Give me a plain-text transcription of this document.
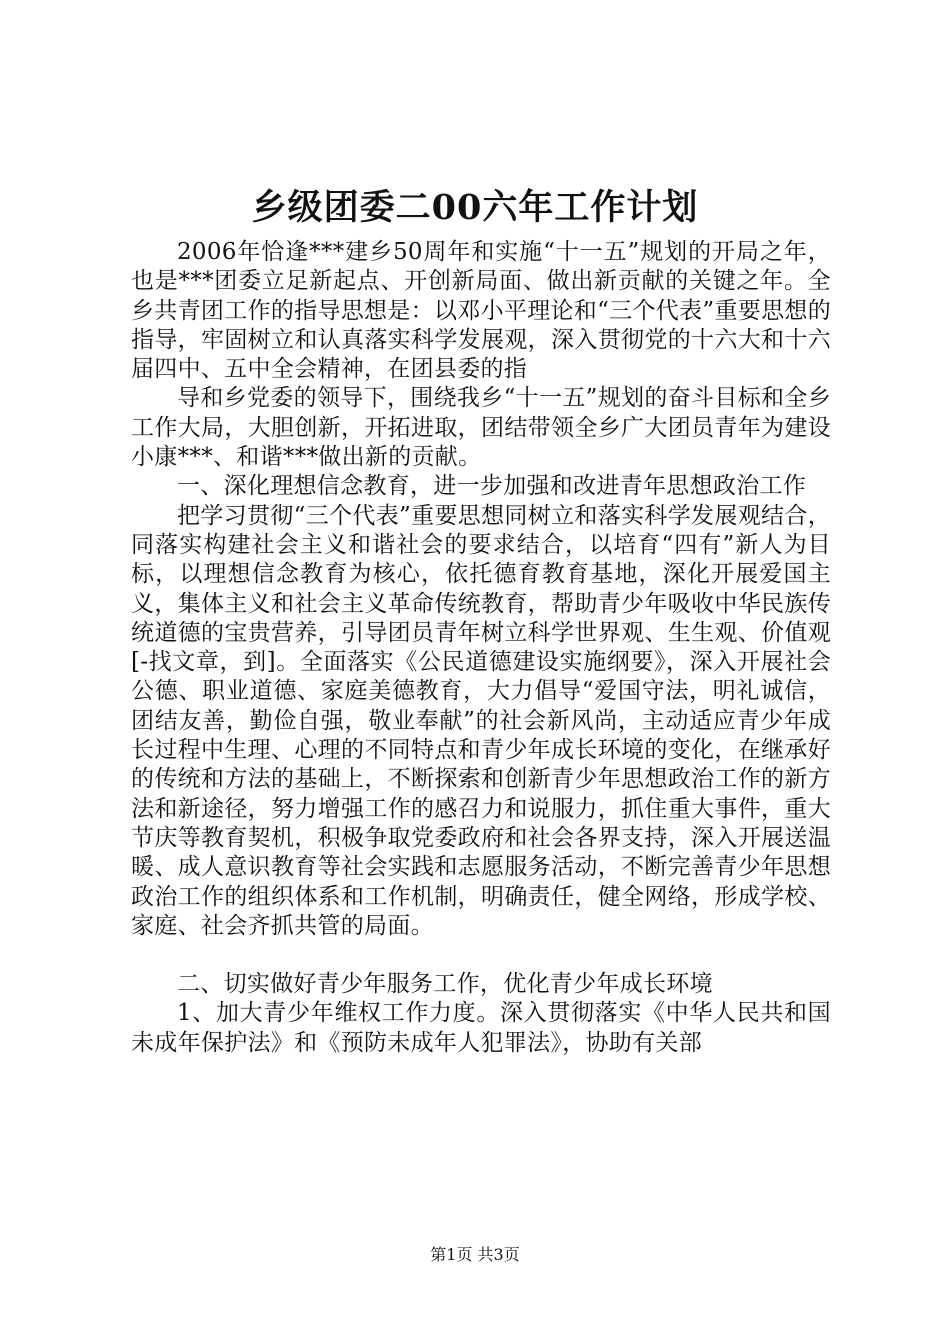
乡级团委二00六年工作计划

2006年恰逢***建乡50周年和实施“十一五”规划的开局之年，也是***团委立足新起点、开创新局面、做出新贡献的关键之年。全乡共青团工作的指导思想是：以邓小平理论和“三个代表”重要思想的指导，牢固树立和认真落实科学发展观，深入贯彻党的十六大和十六届四中、五中全会精神，在团县委的指

导和乡党委的领导下，围绕我乡“十一五”规划的奋斗目标和全乡工作大局，大胆创新，开拓进取，团结带领全乡广大团员青年为建设小康***、和谐***做出新的贡献。

一、深化理想信念教育，进一步加强和改进青年思想政治工作

把学习贯彻“三个代表”重要思想同树立和落实科学发展观结合，同落实构建社会主义和谐社会的要求结合，以培育“四有”新人为目标，以理想信念教育为核心，依托德育教育基地，深化开展爱国主义，集体主义和社会主义革命传统教育，帮助青少年吸收中华民族传统道德的宝贵营养，引导团员青年树立科学世界观、生生观、价值观[-找文章，到]。全面落实《公民道德建设实施纲要》，深入开展社会公德、职业道德、家庭美德教育，大力倡导“爱国守法，明礼诚信，团结友善，勤俭自强，敬业奉献”的社会新风尚，主动适应青少年成长过程中生理、心理的不同特点和青少年成长环境的变化，在继承好的传统和方法的基础上，不断探索和创新青少年思想政治工作的新方法和新途径，努力增强工作的感召力和说服力，抓住重大事件，重大节庆等教育契机，积极争取党委政府和社会各界支持，深入开展送温暖、成人意识教育等社会实践和志愿服务活动，不断完善青少年思想政治工作的组织体系和工作机制，明确责任，健全网络，形成学校、家庭、社会齐抓共管的局面。

二、切实做好青少年服务工作，优化青少年成长环境

1、加大青少年维权工作力度。深入贯彻落实《中华人民共和国未成年保护法》和《预防未成年人犯罪法》，协助有关部

第1页 共3页
